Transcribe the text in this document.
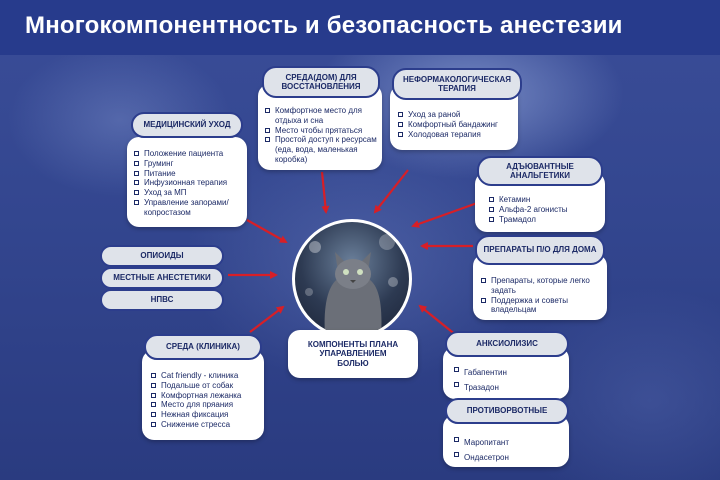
Многокомпонентность и безопасность анестезии
Положение пациента
Груминг
Питание
Инфузионная терапия
Уход за МП
Управление запорами/ копростазом
МЕДИЦИНСКИЙ УХОД
Комфортное место для отдыха и сна
Место чтобы прятаться
Простой доступ к ресурсам (еда, вода, маленькая коробка)
СРЕДА(ДОМ) ДЛЯ ВОССТАНОВЛЕНИЯ
Уход за раной
Комфортный бандажинг
Холодовая терапия
НЕФОРМАКОЛОГИЧЕСКАЯ ТЕРАПИЯ
Кетамин
Альфа-2 агонисты
Трамадол
АДЪЮВАНТНЫЕ АНАЛЬГЕТИКИ
Препараты, которые легко задать
Поддержка и советы владельцам
ПРЕПАРАТЫ П/О ДЛЯ ДОМА
ОПИОИДЫ
МЕСТНЫЕ АНЕСТЕТИКИ
НПВС
КОМПОНЕНТЫ ПЛАНА УПАРАВЛЕНИЕМ БОЛЬЮ
Cat friendly - клиника
Подальше от собак
Комфортная лежанка
Место для пряания
Нежная фиксация
Снижение стресса
СРЕДА (КЛИНИКА)
Габапентин
Тразадон
АНКСИОЛИЗИС
Маропитант
Ондасетрон
ПРОТИВОРВОТНЫЕ
